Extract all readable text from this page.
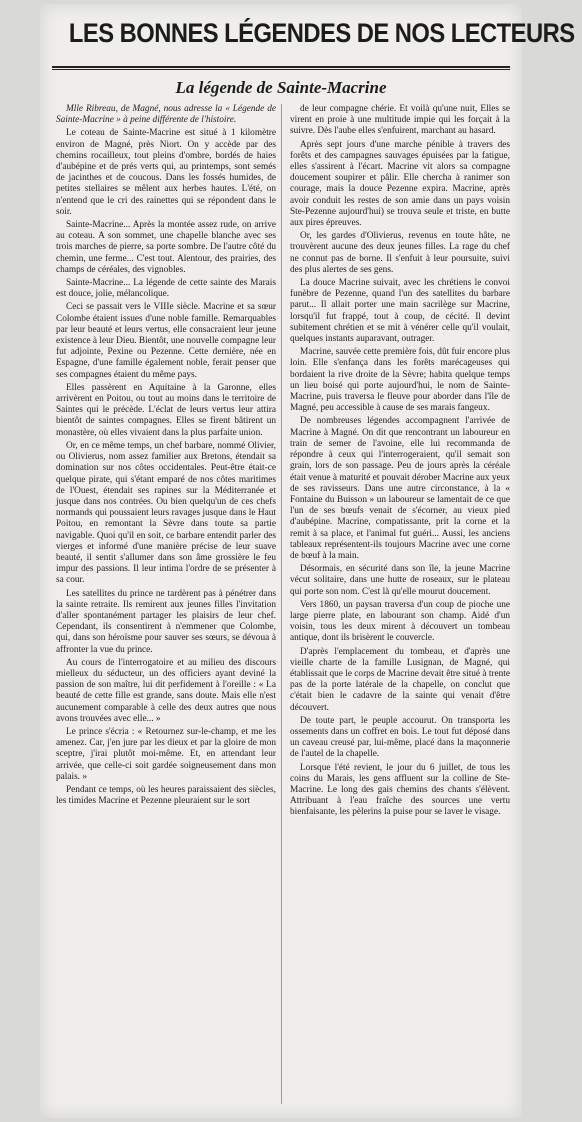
LES BONNES LÉGENDES DE NOS LECTEURS
La légende de Sainte-Macrine

Mlle Ribreau, de Magné, nous adresse la « Légende de Sainte-Macrine » à peine différente de l'histoire.

Le coteau de Sainte-Macrine est situé à 1 kilomètre environ de Magné, près Niort. On y accède par des chemins rocailleux, tout pleins d'ombre, bordés de haies d'aubépine et de prés verts qui, au printemps, sont semés de jacinthes et de coucous. Dans les fossés humides, de petites stellaires se mêlent aux herbes hautes. L'été, on n'entend que le cri des rainettes qui se répondent dans le soir.

Sainte-Macrine... Après la montée assez rude, on arrive au coteau. A son sommet, une chapelle blanche avec ses trois marches de pierre, sa porte sombre. De l'autre côté du chemin, une ferme... C'est tout. Alentour, des prairies, des champs de céréales, des vignobles.

Sainte-Macrine... La légende de cette sainte des Marais est douce, jolie, mélancolique.

Ceci se passait vers le VIIIe siècle. Macrine et sa sœur Colombe étaient issues d'une noble famille. Remarquables par leur beauté et leurs vertus, elle consacraient leur jeune existence à leur Dieu. Bientôt, une nouvelle compagne leur fut adjointe, Pexine ou Pezenne. Cette dernière, née en Espagne, d'une famille également noble, ferait penser que ses compagnes étaient du même pays.

Elles passèrent en Aquitaine à la Garonne, elles arrivèrent en Poitou, ou tout au moins dans le territoire de Saintes qui le précède. L'éclat de leurs vertus leur attira bientôt de saintes compagnes. Elles se firent bâtirent un monastère, où elles vivaient dans la plus parfaite union.

Or, en ce même temps, un chef barbare, nommé Olivier, ou Olivierus, nom assez familier aux Bretons, étendait sa domination sur nos côtes occidentales. Peut-être était-ce quelque pirate, qui s'étant emparé de nos côtes maritimes de l'Ouest, étendait ses rapines sur la Méditerranée et jusque dans nos contrées. Ou bien quelqu'un de ces chefs normands qui poussaient leurs ravages jusque dans le Haut Poitou, en remontant la Sèvre dans toute sa partie navigable. Quoi qu'il en soit, ce barbare entendit parler des vierges et informé d'une manière précise de leur suave beauté, il sentit s'allumer dans son âme grossière le feu impur des passions. Il leur intima l'ordre de se présenter à sa cour.

Les satellites du prince ne tardèrent pas à pénétrer dans la sainte retraite. Ils remirent aux jeunes filles l'invitation d'aller spontanément partager les plaisirs de leur chef. Cependant, ils consentirent à n'emmener que Colombe, qui, dans son héroïsme pour sauver ses sœurs, se dévoua à affronter la vue du prince.

Au cours de l'interrogatoire et au milieu des discours mielleux du séducteur, un des officiers ayant deviné la passion de son maître, lui dit perfidement à l'oreille : « La beauté de cette fille est grande, sans doute. Mais elle n'est aucunement comparable à celle des deux autres que nous avons trouvées avec elle... »

Le prince s'écria : « Retournez sur-le-champ, et me les amenez. Car, j'en jure par les dieux et par la gloire de mon sceptre, j'irai plutôt moi-même. Et, en attendant leur arrivée, que celle-ci soit gardée soigneusement dans mon palais. »

Pendant ce temps, où les heures paraissaient des siècles, les timides Macrine et Pezenne pleuraient sur le sort

de leur compagne chérie. Et voilà qu'une nuit, Elles se virent en proie à une multitude impie qui les forçait à la suivre. Dès l'aube elles s'enfuirent, marchant au hasard.

Après sept jours d'une marche pénible à travers des forêts et des campagnes sauvages épuisées par la fatigue, elles s'assirent à l'écart. Macrine vit alors sa compagne doucement soupirer et pâlir. Elle chercha à ranimer son courage, mais la douce Pezenne expira. Macrine, après avoir conduit les restes de son amie dans un pays voisin Ste-Pezenne aujourd'hui) se trouva seule et triste, en butte aux pires épreuves.

Or, les gardes d'Olivierus, revenus en toute hâte, ne trouvèrent aucune des deux jeunes filles. La rage du chef ne connut pas de borne. Il s'enfuit à leur poursuite, suivi des plus alertes de ses gens.

La douce Macrine suivait, avec les chrétiens le convoi funèbre de Pezenne, quand l'un des satellites du barbare parut... Il allait porter une main sacrilège sur Macrine, lorsqu'il fut frappé, tout à coup, de cécité. Il devint subitement chrétien et se mit à vénérer celle qu'il voulait, quelques instants auparavant, outrager.

Macrine, sauvée cette première fois, dût fuir encore plus loin. Elle s'enfança dans les forêts marécageuses qui bordaient la rive droite de la Sèvre; habita quelque temps un lieu boisé qui porte aujourd'hui, le nom de Sainte-Macrine, puis traversa le fleuve pour aborder dans l'île de Magné, peu accessible à cause de ses marais fangeux.

De nombreuses légendes accompagnent l'arrivée de Macrine à Magné. On dit que rencontrant un laboureur en train de semer de l'avoine, elle lui recommanda de répondre à ceux qui l'interrogeraient, qu'il semait son grain, lors de son passage. Peu de jours après la céréale était venue à maturité et pouvait dérober Macrine aux yeux de ses ravisseurs. Dans une autre circonstance, à la « Fontaine du Buisson » un laboureur se lamentait de ce que l'un de ses bœufs venait de s'écorner, au vieux pied d'aubépine. Macrine, compatissante, prit la corne et la remit à sa place, et l'animal fut guéri... Aussi, les anciens tableaux représentent-ils toujours Macrine avec une corne de bœuf à la main.

Désormais, en sécurité dans son île, la jeune Macrine vécut solitaire, dans une hutte de roseaux, sur le plateau qui porte son nom. C'est là qu'elle mourut doucement.

Vers 1860, un paysan traversa d'un coup de pioche une large pierre plate, en labourant son champ. Aidé d'un voisin, tous les deux mirent à découvert un tombeau antique, dont ils brisèrent le couvercle.

D'après l'emplacement du tombeau, et d'après une vieille charte de la famille Lusignan, de Magné, qui établissait que le corps de Macrine devait être situé à trente pas de la porte latérale de la chapelle, on conclut que c'était bien le cadavre de la sainte qui venait d'être découvert.

De toute part, le peuple accourut. On transporta les ossements dans un coffret en bois. Le tout fut déposé dans un caveau creusé par, lui-même, placé dans la maçonnerie de l'autel de la chapelle.

Lorsque l'été revient, le jour du 6 juillet, de tous les coins du Marais, les gens affluent sur la colline de Ste-Macrine. Le long des gais chemins des chants s'élèvent. Attribuant à l'eau fraîche des sources une vertu bienfaisante, les pèlerins la puise pour se laver le visage.
